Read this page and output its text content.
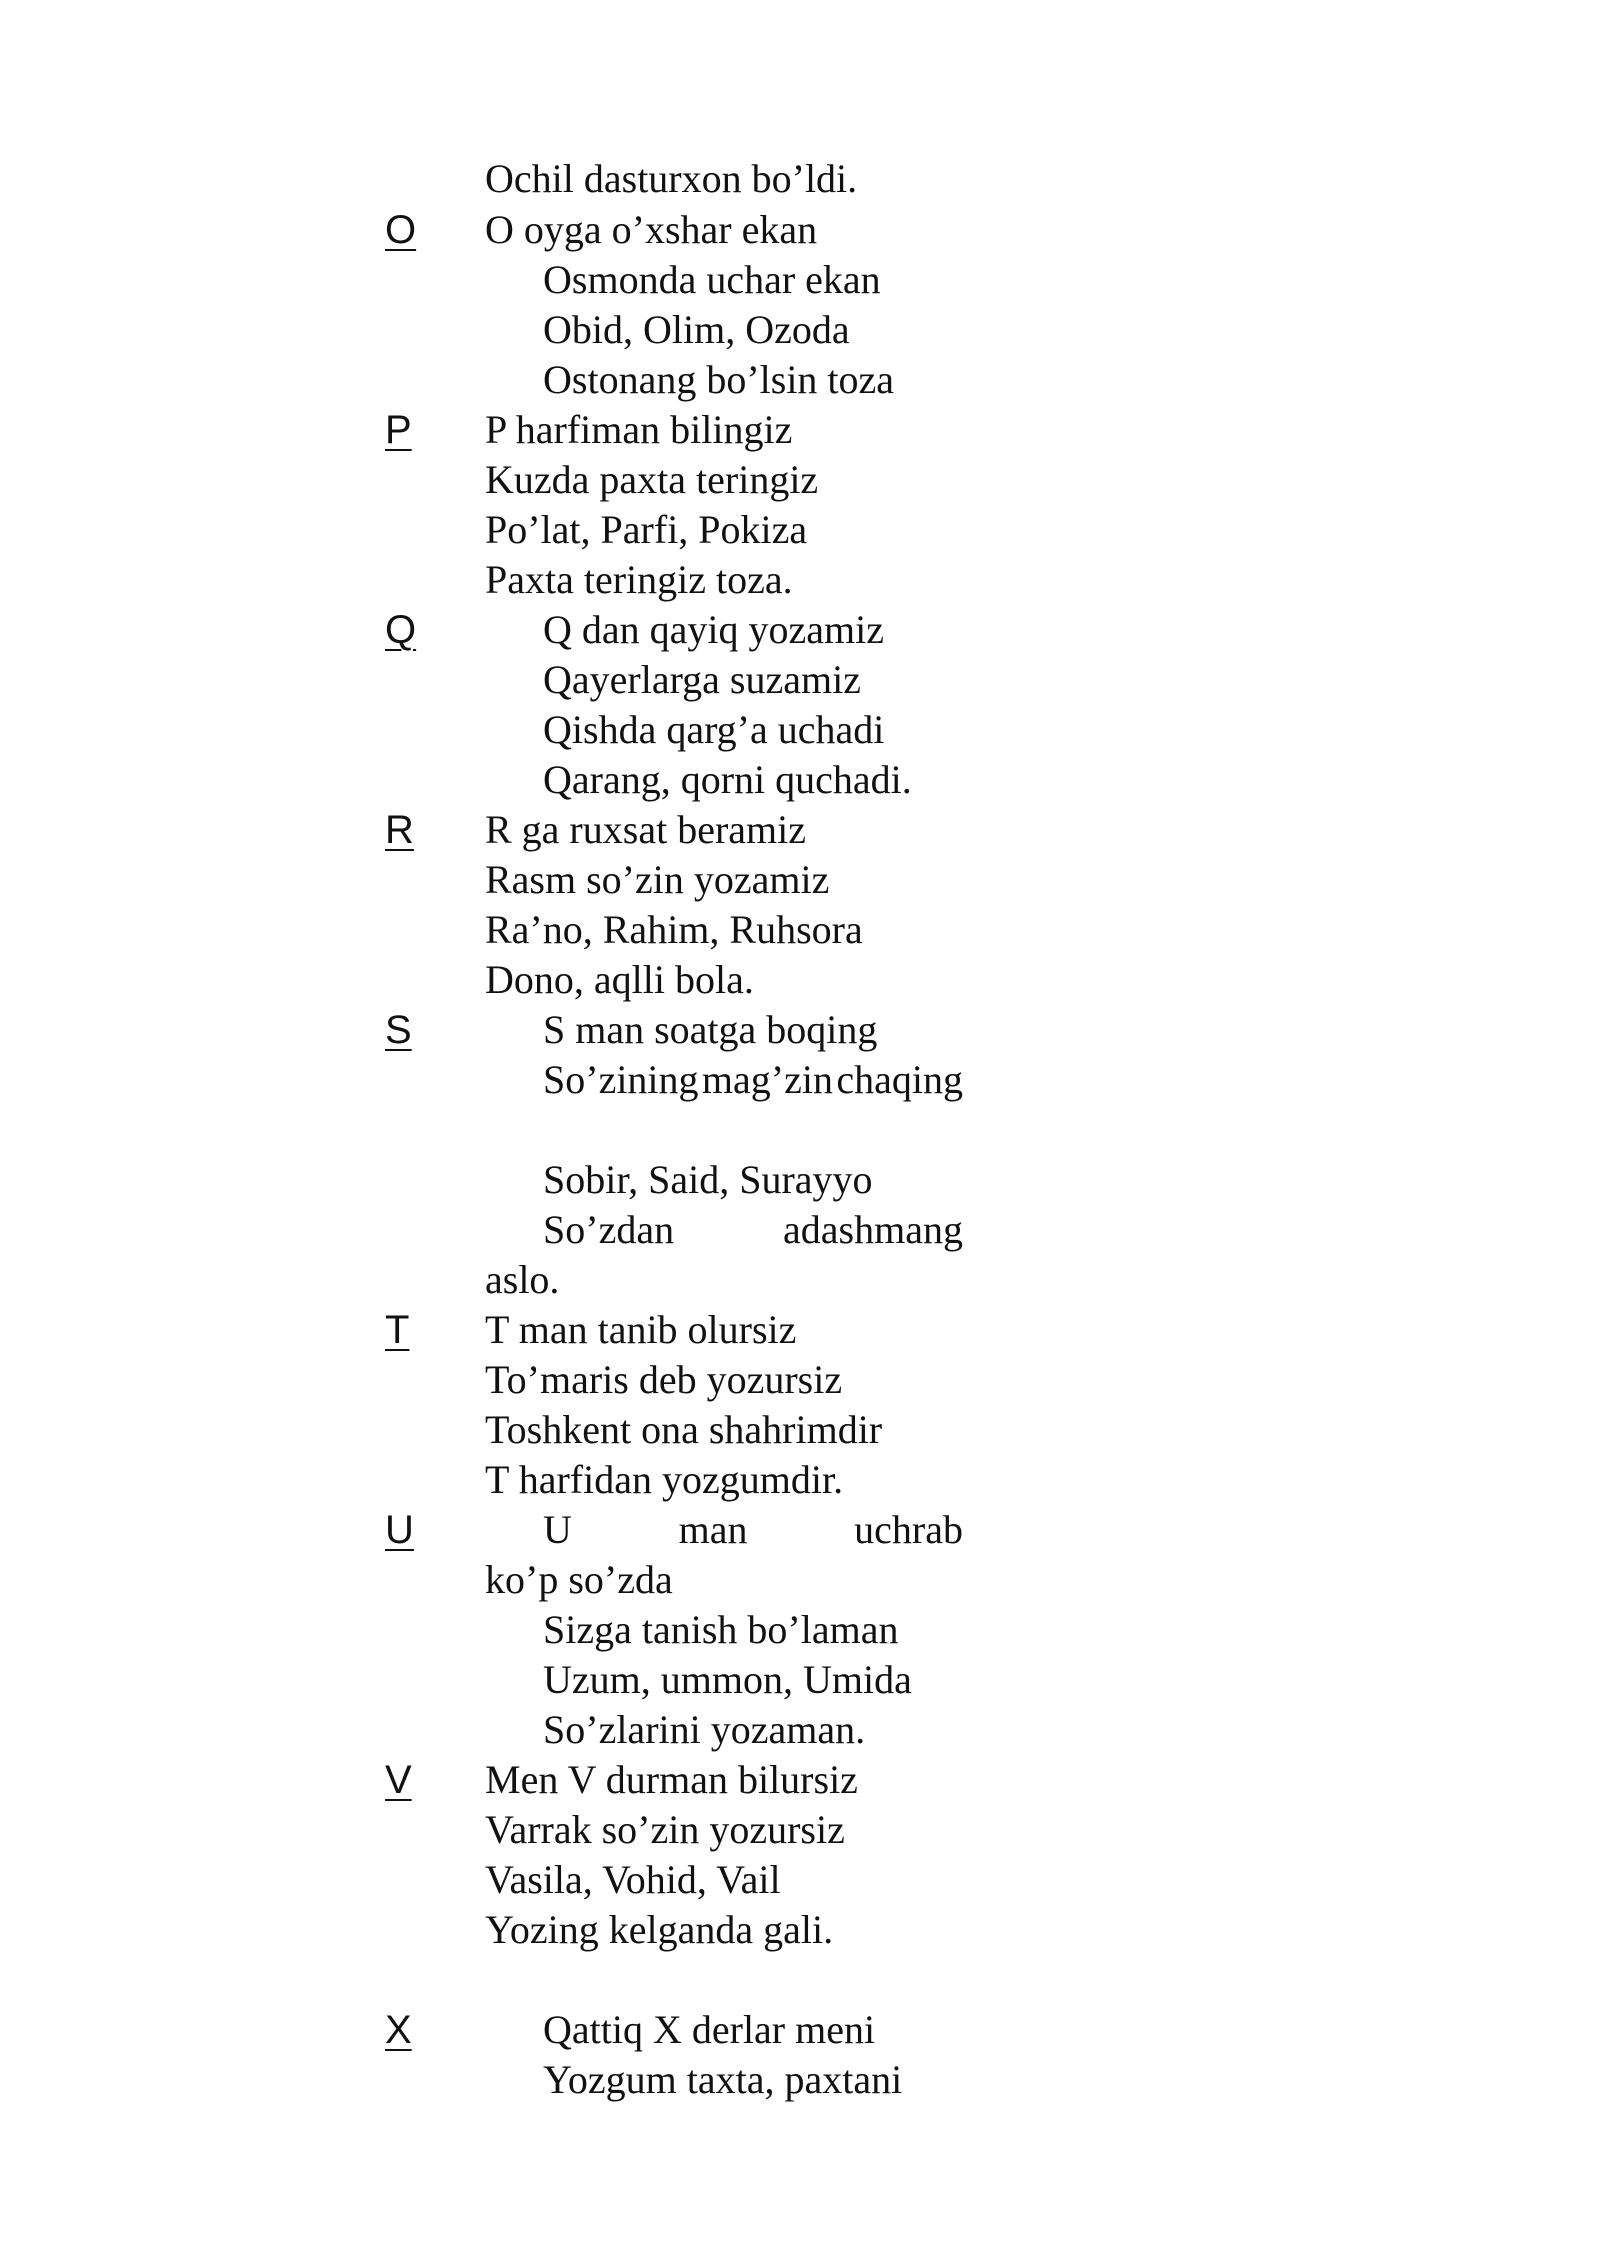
Ochil dasturxon bo’ldi.
O O oyga o’xshar ekan
Osmonda uchar ekan
Obid, Olim, Ozoda
Ostonang bo’lsin toza
P P harfiman bilingiz
Kuzda paxta teringiz
Po’lat, Parfi, Pokiza
Paxta teringiz toza.
Q	Q dan qayiq yozamiz
Qayerlarga suzamiz
Qishda qarg’a uchadi
Qarang, qorni quchadi.
R R ga ruxsat beramiz
Rasm so’zin yozamiz
Ra’no, Rahim, Ruhsora
Dono, aqlli bola.
S	S man soatga boqing
So’zining mag’zin chaqing
Sobir, Said, Surayyo
So’zdan	adashmang
aslo.
T T man tanib olursiz
To’maris deb yozursiz
Toshkent ona shahrimdir
T harfidan yozgumdir.
U	U	man	uchrab
ko’p so’zda
Sizga tanish bo’laman
Uzum, ummon, Umida
So’zlarini yozaman.
V Men V durman bilursiz
Varrak so’zin yozursiz
Vasila, Vohid, Vail
Yozing kelganda gali.
X	Qattiq X derlar meni
Yozgum taxta, paxtani
